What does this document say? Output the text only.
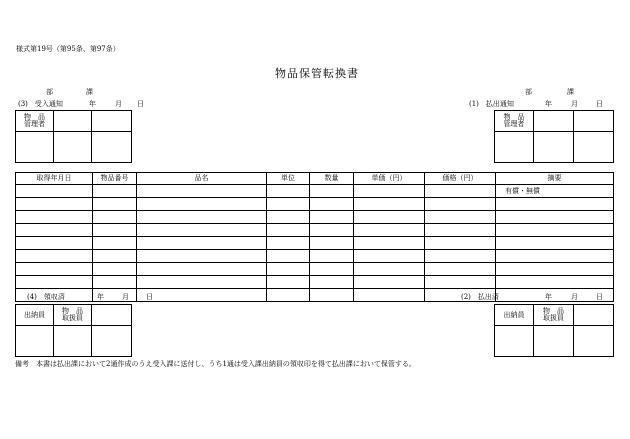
様式第19号（第95条、第97条）
物品保管転換書
部	課
(3)　受入通知	年	月 日
物　品
管理者		

部	課
(1)　払出通知	年	月	日
物　品
管理者		

取得年月日	物品番号	品名	単位	数量	単価（円）	価格（円）	摘要
							有償・無償

(4)　領収済	年	月 日
出納員	物　品
取扱員	

(2)　払出済	年	月	日
出納員	物　品
取扱員	

備考　本書は払出課において2通作成のうえ受入課に送付し、うち1通は受入課出納員の領収印を得て払出課において保管する。
